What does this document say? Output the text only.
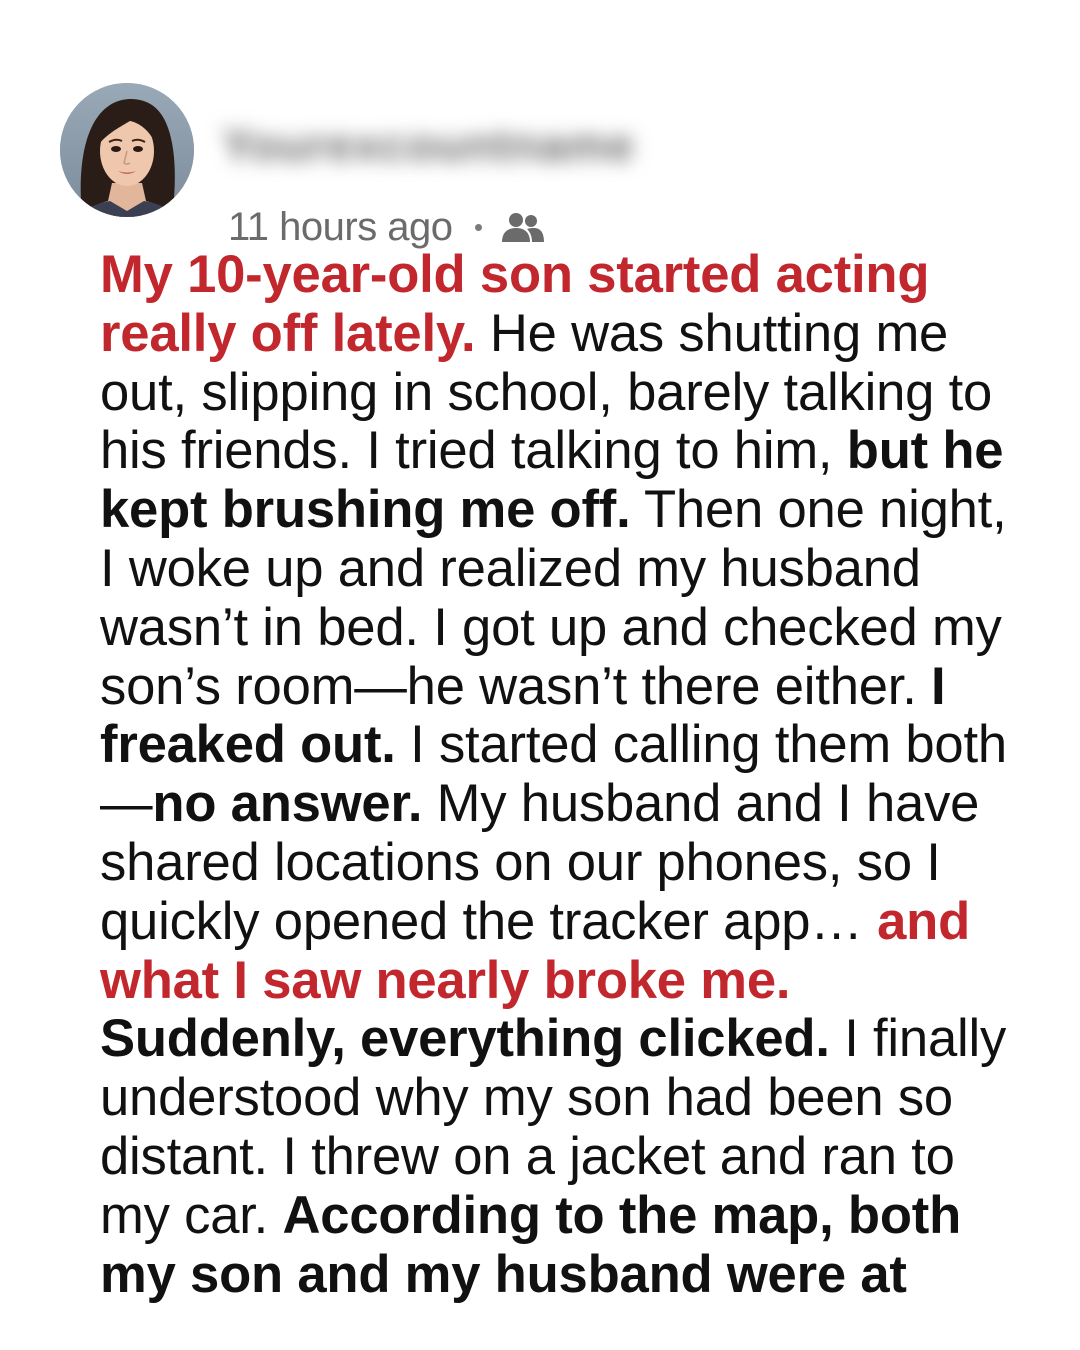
Yourexcountname
11 hours ago

My 10-year-old son started acting really off lately. He was shutting me out, slipping in school, barely talking to his friends. I tried talking to him, but he kept brushing me off. Then one night, I woke up and realized my husband wasn’t in bed. I got up and checked my son’s room—he wasn’t there either. I freaked out. I started calling them both—no answer. My husband and I have shared locations on our phones, so I quickly opened the tracker app… and what I saw nearly broke me. Suddenly, everything clicked. I finally understood why my son had been so distant. I threw on a jacket and ran to my car. According to the map, both my son and my husband were at
